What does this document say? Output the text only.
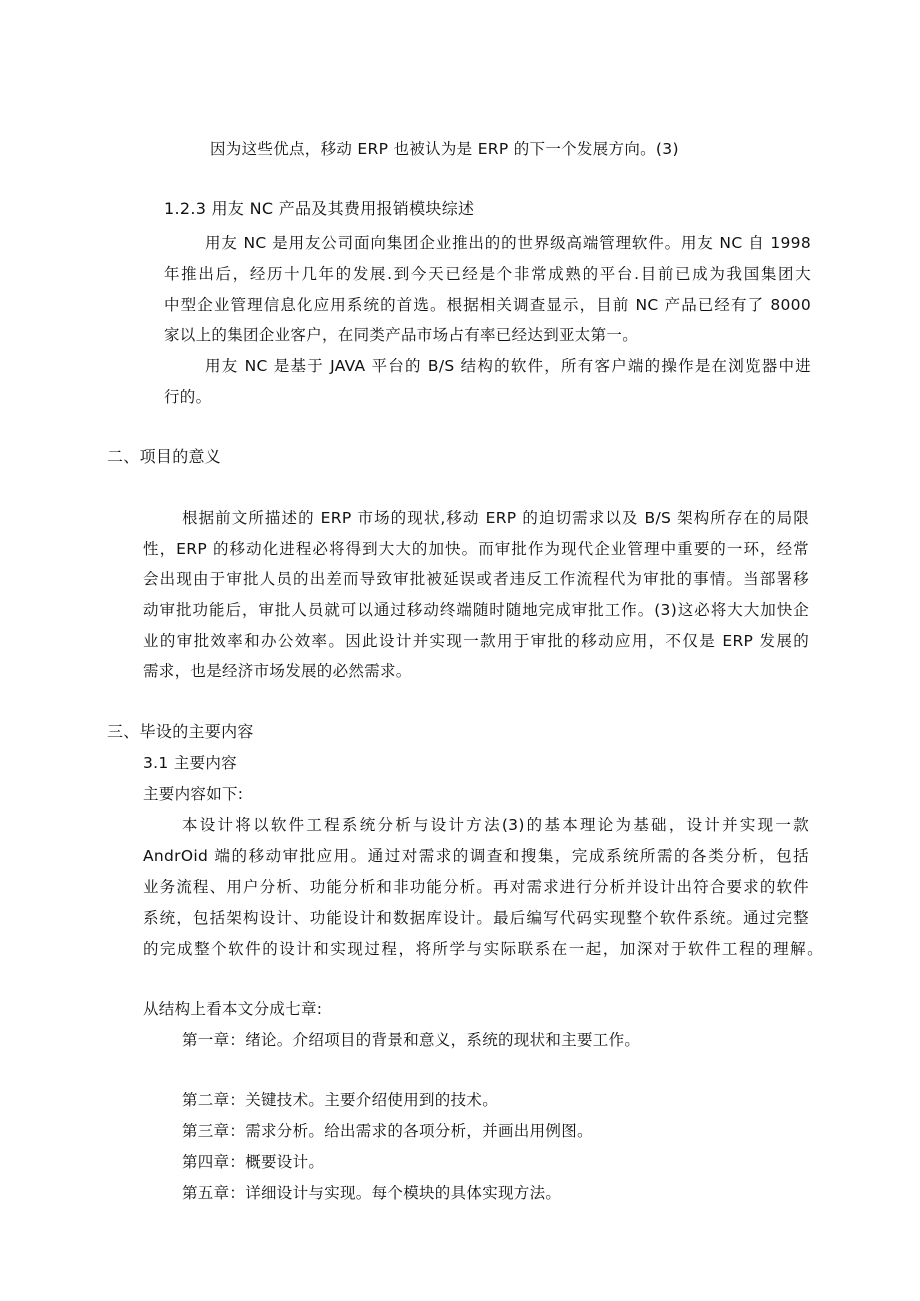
因为这些优点，移动 ERP 也被认为是 ERP 的下一个发展方向。(3)
1.2.3 用友 NC 产品及其费用报销模块综述
用友 NC 是用友公司面向集团企业推出的的世界级高端管理软件。用友 NC 自 1998
年推出后，经历十几年的发展.到今天已经是个非常成熟的平台.目前已成为我国集团大
中型企业管理信息化应用系统的首选。根据相关调查显示，目前 NC 产品已经有了 8000
家以上的集团企业客户，在同类产品市场占有率已经达到亚太第一。
用友 NC 是基于 JAVA 平台的 B/S 结构的软件，所有客户端的操作是在浏览器中进
行的。
二、项目的意义
根据前文所描述的 ERP 市场的现状,移动 ERP 的迫切需求以及 B/S 架构所存在的局限
性，ERP 的移动化进程必将得到大大的加快。而审批作为现代企业管理中重要的一环，经常
会出现由于审批人员的出差而导致审批被延误或者违反工作流程代为审批的事情。当部署移
动审批功能后，审批人员就可以通过移动终端随时随地完成审批工作。(3)这必将大大加快企
业的审批效率和办公效率。因此设计并实现一款用于审批的移动应用，不仅是 ERP 发展的
需求，也是经济市场发展的必然需求。
三、毕设的主要内容
3.1 主要内容
主要内容如下:
本设计将以软件工程系统分析与设计方法(3)的基本理论为基础，设计并实现一款
AndrOid 端的移动审批应用。通过对需求的调查和搜集，完成系统所需的各类分析，包括
业务流程、用户分析、功能分析和非功能分析。再对需求进行分析并设计出符合要求的软件
系统，包括架构设计、功能设计和数据库设计。最后编写代码实现整个软件系统。通过完整
的完成整个软件的设计和实现过程，将所学与实际联系在一起，加深对于软件工程的理解。
从结构上看本文分成七章:
第一章：绪论。介绍项目的背景和意义，系统的现状和主要工作。
第二章：关键技术。主要介绍使用到的技术。
第三章：需求分析。给出需求的各项分析，并画出用例图。
第四章：概要设计。
第五章：详细设计与实现。每个模块的具体实现方法。
